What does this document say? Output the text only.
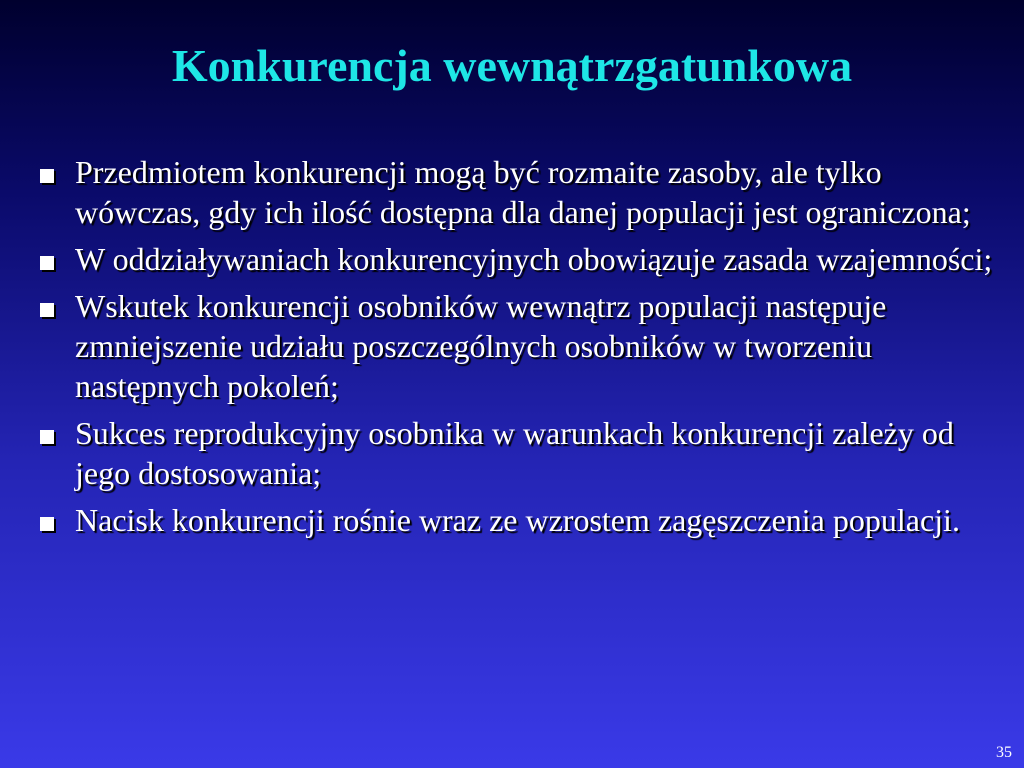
Konkurencja wewnątrzgatunkowa
Przedmiotem konkurencji mogą być rozmaite zasoby, ale tylko wówczas, gdy ich ilość dostępna dla danej populacji jest ograniczona;
W oddziaływaniach konkurencyjnych obowiązuje zasada wzajemności;
Wskutek konkurencji osobników wewnątrz populacji następuje zmniejszenie udziału poszczególnych osobników w tworzeniu następnych pokoleń;
Sukces reprodukcyjny osobnika w warunkach konkurencji zależy od jego dostosowania;
Nacisk konkurencji rośnie wraz ze wzrostem zagęszczenia populacji.
35
